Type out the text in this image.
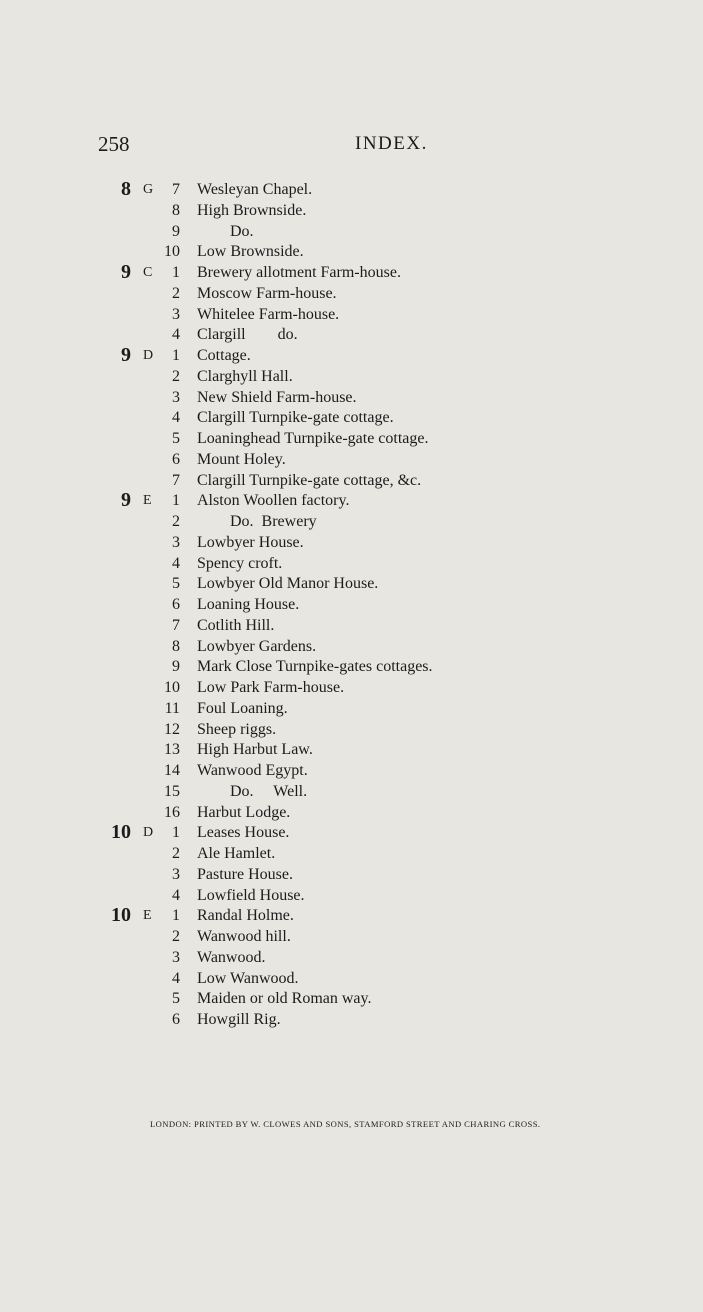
258	INDEX.
8 G 7 Wesleyan Chapel.
8 High Brownside.
9	Do.
10 Low Brownside.
9 C 1 Brewery allotment Farm-house.
2 Moscow Farm-house.
3 Whitelee Farm-house.
4 Clargill        do.
9 D 1 Cottage.
2 Clarghyll Hall.
3 New Shield Farm-house.
4 Clargill Turnpike-gate cottage.
5 Loaninghead Turnpike-gate cottage.
6 Mount Holey.
7 Clargill Turnpike-gate cottage, &c.
9 E 1 Alston Woollen factory.
2	Do.  Brewery
3 Lowbyer House.
4 Spency croft.
5 Lowbyer Old Manor House.
6 Loaning House.
7 Cotlith Hill.
8 Lowbyer Gardens.
9 Mark Close Turnpike-gates cottages.
10 Low Park Farm-house.
11 Foul Loaning.
12 Sheep riggs.
13 High Harbut Law.
14 Wanwood Egypt.
15	Do.     Well.
16 Harbut Lodge.
10 D 1 Leases House.
2 Ale Hamlet.
3 Pasture House.
4 Lowfield House.
10 E 1 Randal Holme.
2 Wanwood hill.
3 Wanwood.
4 Low Wanwood.
5 Maiden or old Roman way.
6 Howgill Rig.
LONDON: PRINTED BY W. CLOWES AND SONS, STAMFORD STREET AND CHARING CROSS.
